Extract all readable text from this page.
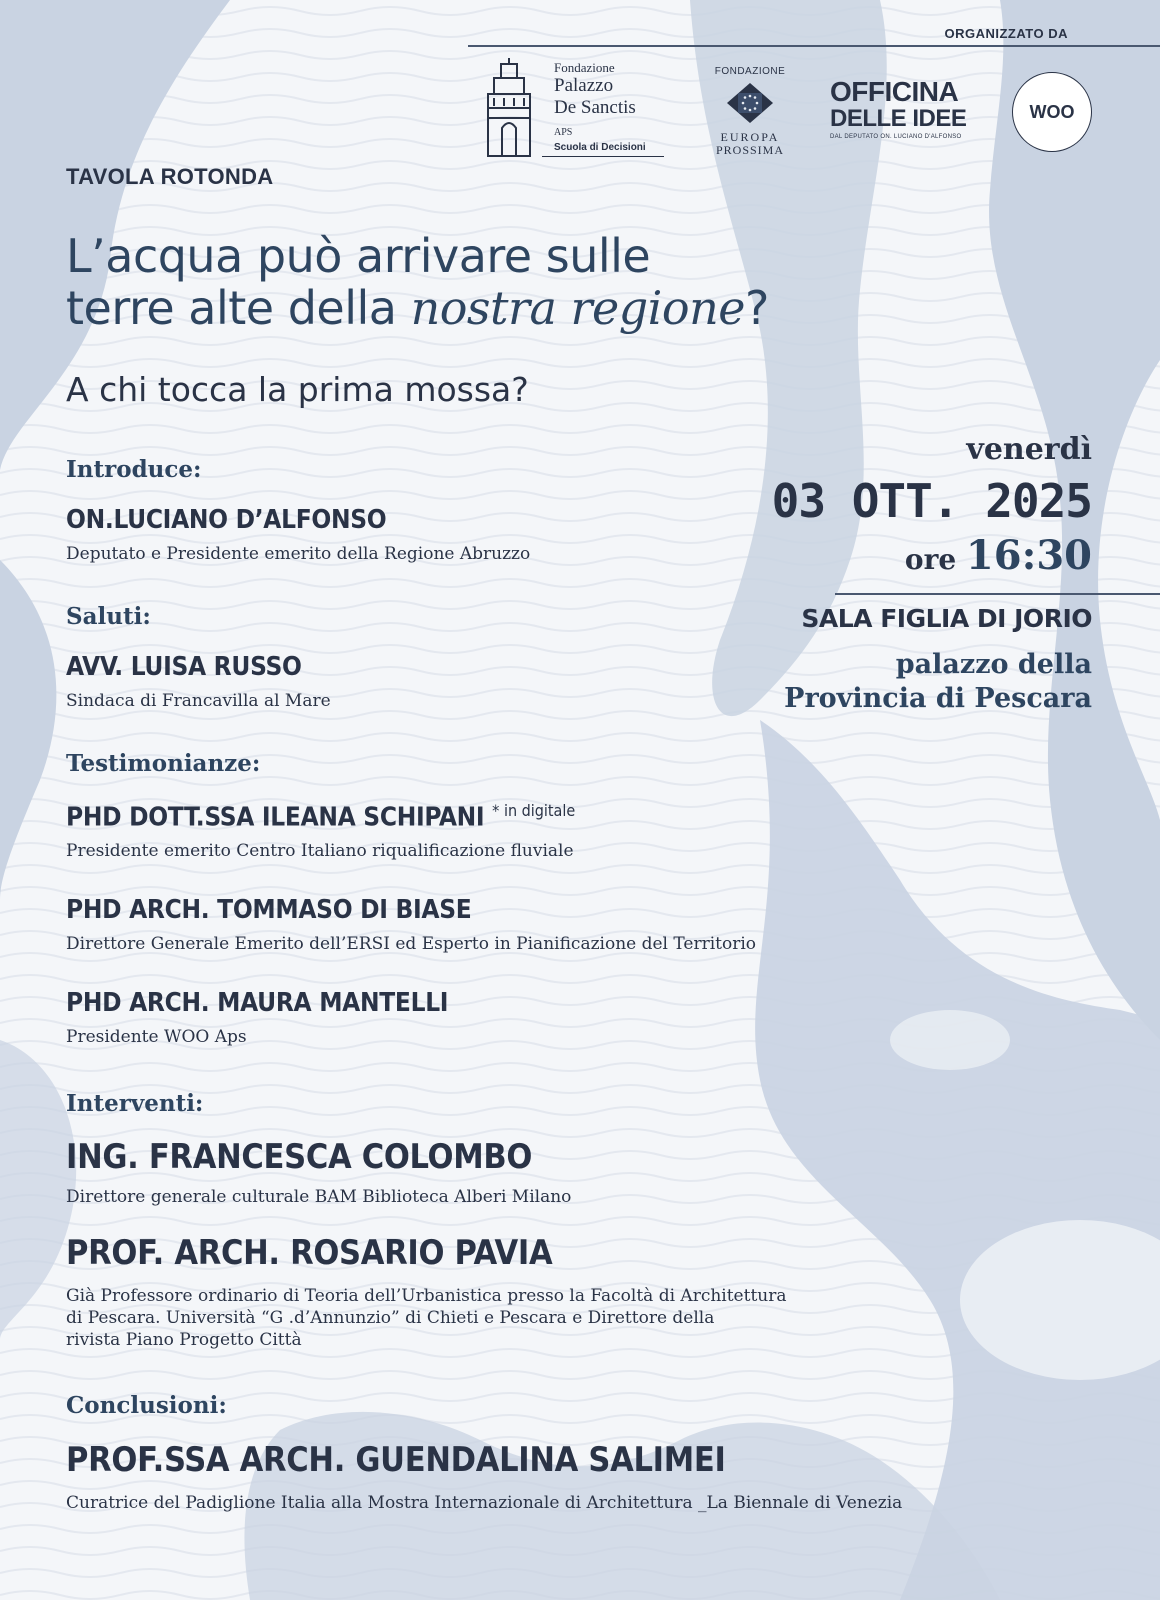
ORGANIZZATO DA
Fondazione
Palazzo
De Sanctis
APS
Scuola di Decisioni
FONDAZIONE
EUROPA
PROSSIMA
OFFICINA
DELLE IDEE
DAL DEPUTATO ON. LUCIANO D'ALFONSO
WOO
TAVOLA ROTONDA
L’acqua può arrivare sulle
terre alte della nostra regione?
A chi tocca la prima mossa?
venerdì
03 OTT. 2025
ore 16:30
SALA FIGLIA DI JORIO
palazzo della
Provincia di Pescara
Introduce:
ON.LUCIANO D’ALFONSO
Deputato e Presidente emerito della Regione Abruzzo
Saluti:
AVV. LUISA RUSSO
Sindaca di Francavilla al Mare
Testimonianze:
PHD DOTT.SSA ILEANA SCHIPANI $^{* in digitale}$
Presidente emerito Centro Italiano riqualificazione fluviale
PHD ARCH. TOMMASO DI BIASE
Direttore Generale Emerito dell’ERSI ed Esperto in Pianificazione del Territorio
PHD ARCH. MAURA MANTELLI
Presidente WOO Aps
Interventi:
ING. FRANCESCA COLOMBO
Direttore generale culturale BAM Biblioteca Alberi Milano
PROF. ARCH. ROSARIO PAVIA
Già Professore ordinario di Teoria dell’Urbanistica presso la Facoltà di Architettura
di Pescara. Università “G .d’Annunzio” di Chieti e Pescara e Direttore della
rivista Piano Progetto Città
Conclusioni:
PROF.SSA ARCH. GUENDALINA SALIMEI
Curatrice del Padiglione Italia alla Mostra Internazionale di Architettura _La Biennale di Venezia
